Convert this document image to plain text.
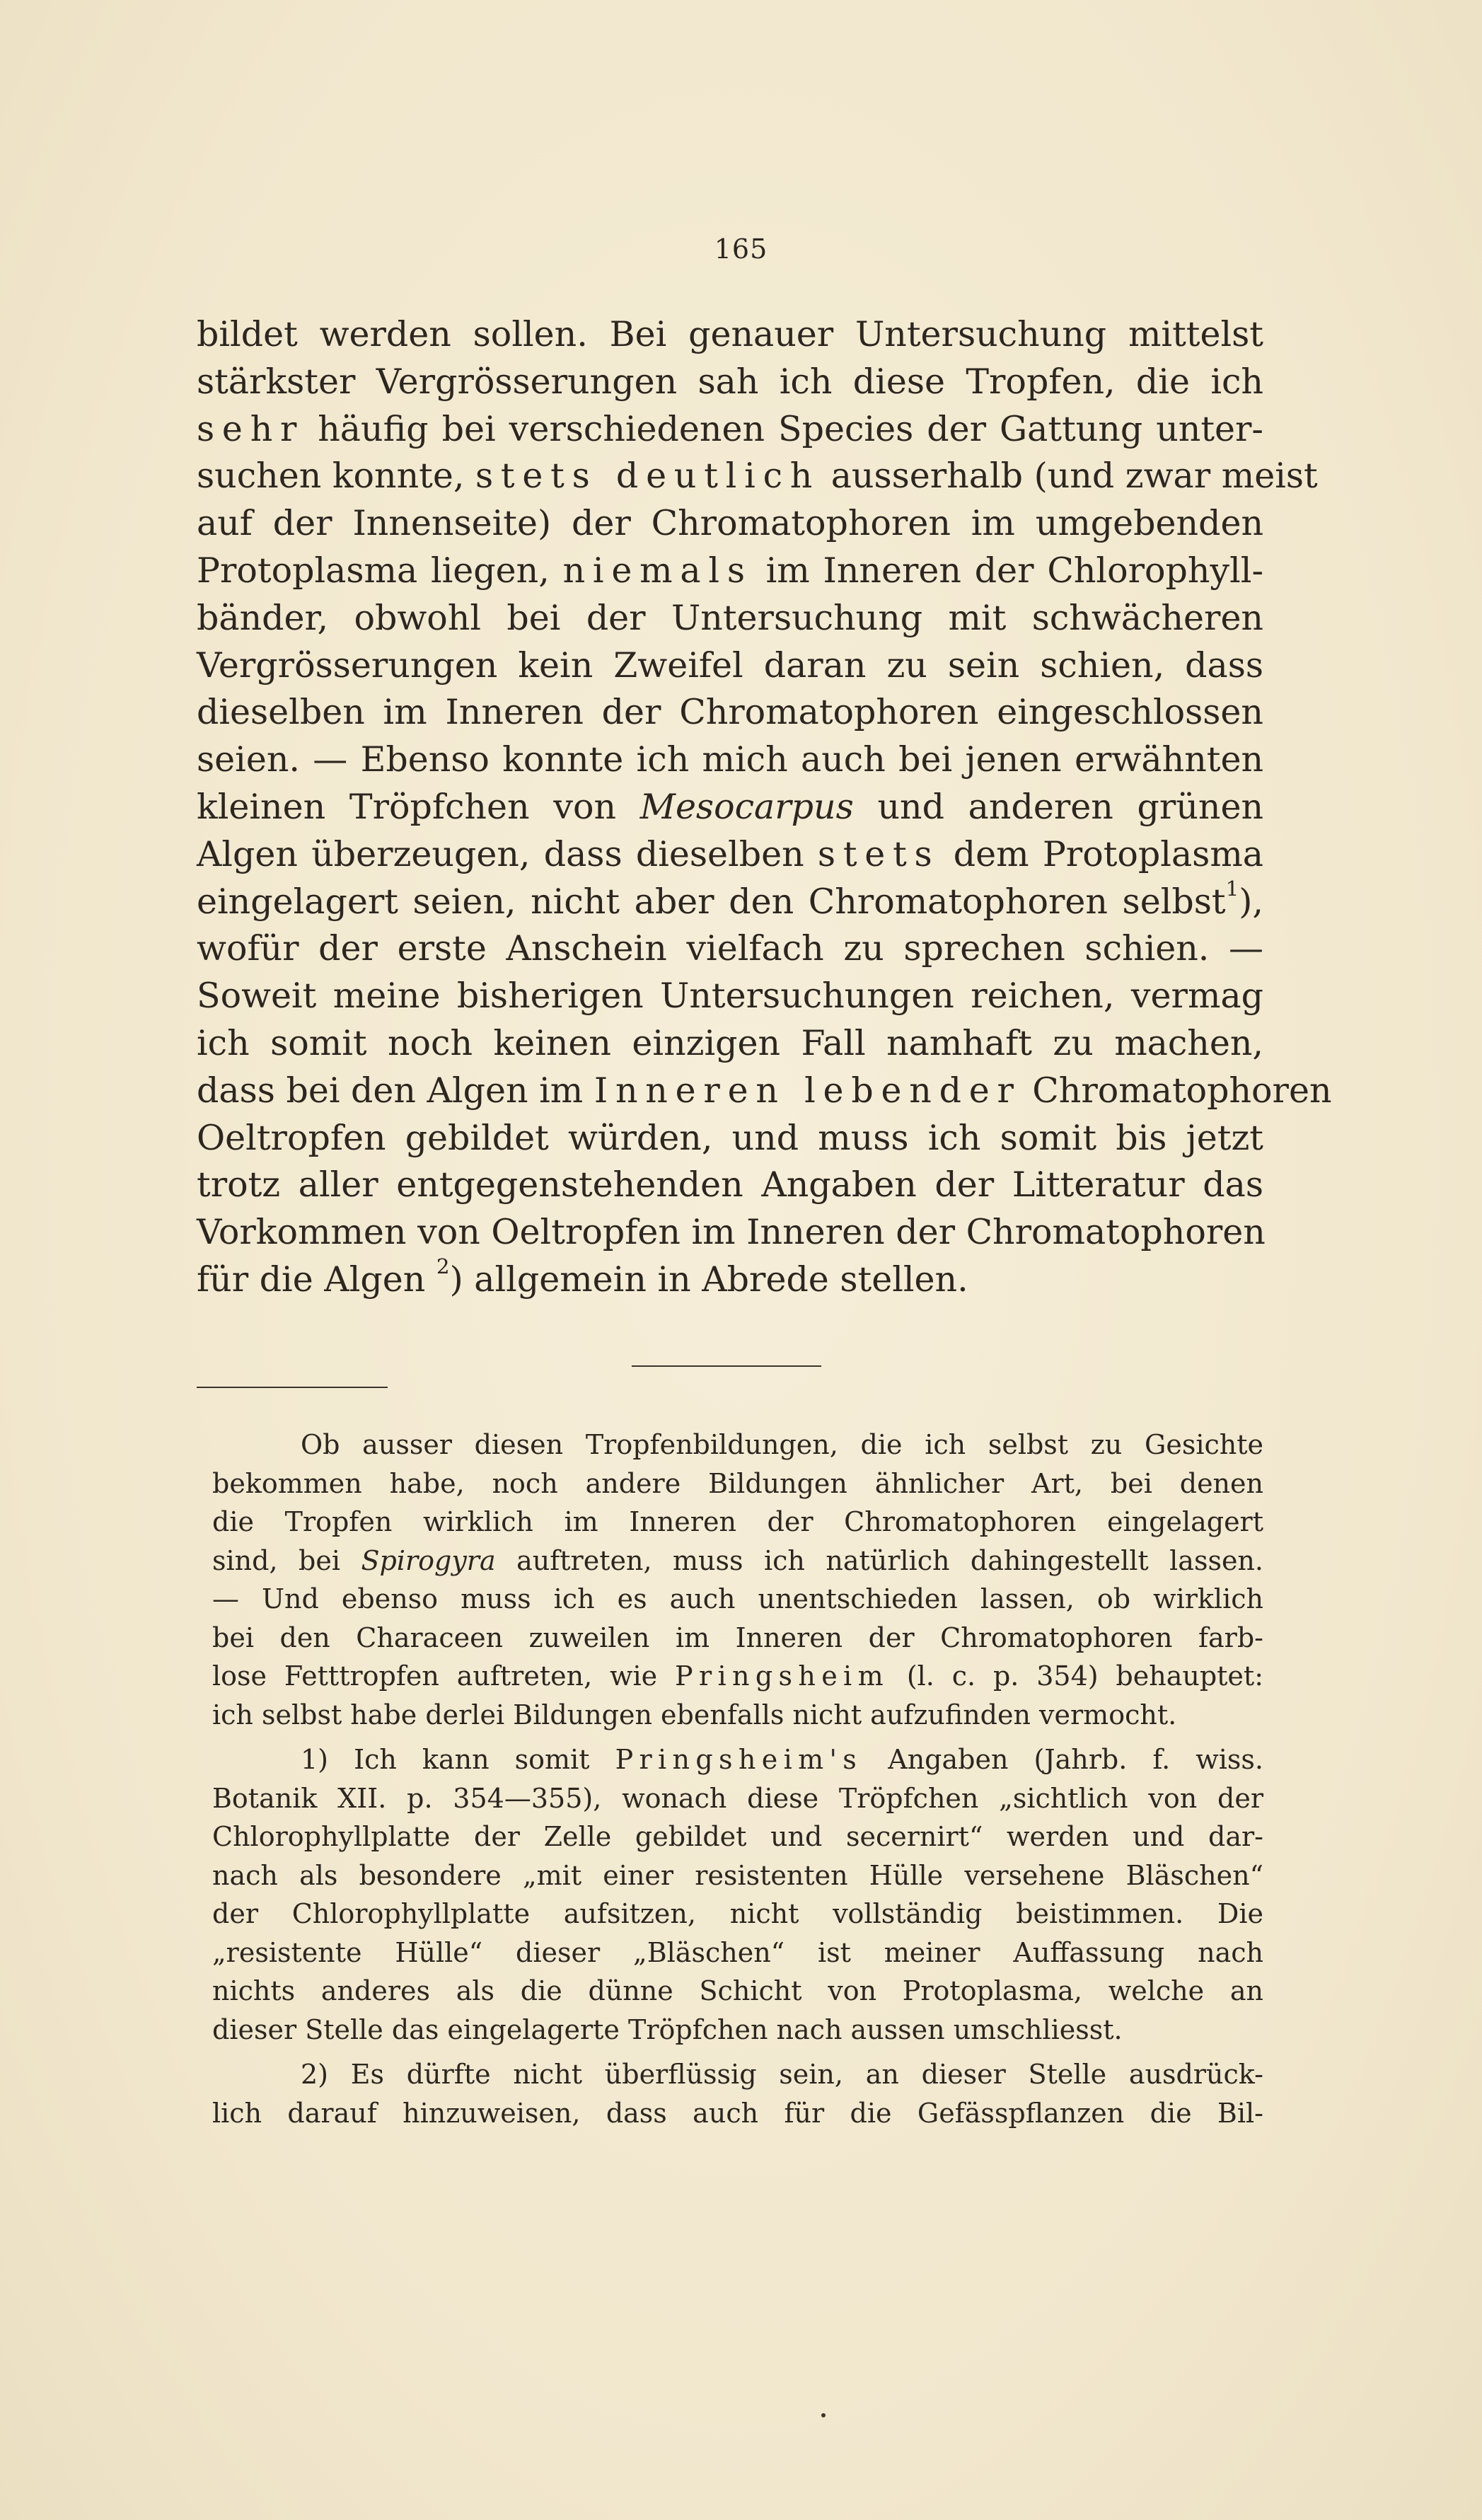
165
bildet werden sollen. Bei genauer Untersuchung mittelst
stärkster Vergrösserungen sah ich diese Tropfen, die ich
sehr häufig bei verschiedenen Species der Gattung unter-
suchen konnte, stets deutlich ausserhalb (und zwar meist
auf der Innenseite) der Chromatophoren im umgebenden
Protoplasma liegen, niemals im Inneren der Chlorophyll-
bänder, obwohl bei der Untersuchung mit schwächeren
Vergrösserungen kein Zweifel daran zu sein schien, dass
dieselben im Inneren der Chromatophoren eingeschlossen
seien. — Ebenso konnte ich mich auch bei jenen erwähnten
kleinen Tröpfchen von Mesocarpus und anderen grünen
Algen überzeugen, dass dieselben stets dem Protoplasma
eingelagert seien, nicht aber den Chromatophoren selbst$^1$),
wofür der erste Anschein vielfach zu sprechen schien. —
Soweit meine bisherigen Untersuchungen reichen, vermag
ich somit noch keinen einzigen Fall namhaft zu machen,
dass bei den Algen im Inneren lebender Chromatophoren
Oeltropfen gebildet würden, und muss ich somit bis jetzt
trotz aller entgegenstehenden Angaben der Litteratur das
Vorkommen von Oeltropfen im Inneren der Chromatophoren
für die Algen $^2$) allgemein in Abrede stellen.
Ob ausser diesen Tropfenbildungen, die ich selbst zu Gesichte
bekommen habe, noch andere Bildungen ähnlicher Art, bei denen
die Tropfen wirklich im Inneren der Chromatophoren eingelagert
sind, bei Spirogyra auftreten, muss ich natürlich dahingestellt lassen.
— Und ebenso muss ich es auch unentschieden lassen, ob wirklich
bei den Characeen zuweilen im Inneren der Chromatophoren farb-
lose Fetttropfen auftreten, wie Pringsheim (l. c. p. 354) behauptet:
ich selbst habe derlei Bildungen ebenfalls nicht aufzufinden vermocht.
1) Ich kann somit Pringsheim's Angaben (Jahrb. f. wiss.
Botanik XII. p. 354—355), wonach diese Tröpfchen „sichtlich von der
Chlorophyllplatte der Zelle gebildet und secernirt“ werden und dar-
nach als besondere „mit einer resistenten Hülle versehene Bläschen“
der Chlorophyllplatte aufsitzen, nicht vollständig beistimmen. Die
„resistente Hülle“ dieser „Bläschen“ ist meiner Auffassung nach
nichts anderes als die dünne Schicht von Protoplasma, welche an
dieser Stelle das eingelagerte Tröpfchen nach aussen umschliesst.
2) Es dürfte nicht überflüssig sein, an dieser Stelle ausdrück-
lich darauf hinzuweisen, dass auch für die Gefässpflanzen die Bil-
